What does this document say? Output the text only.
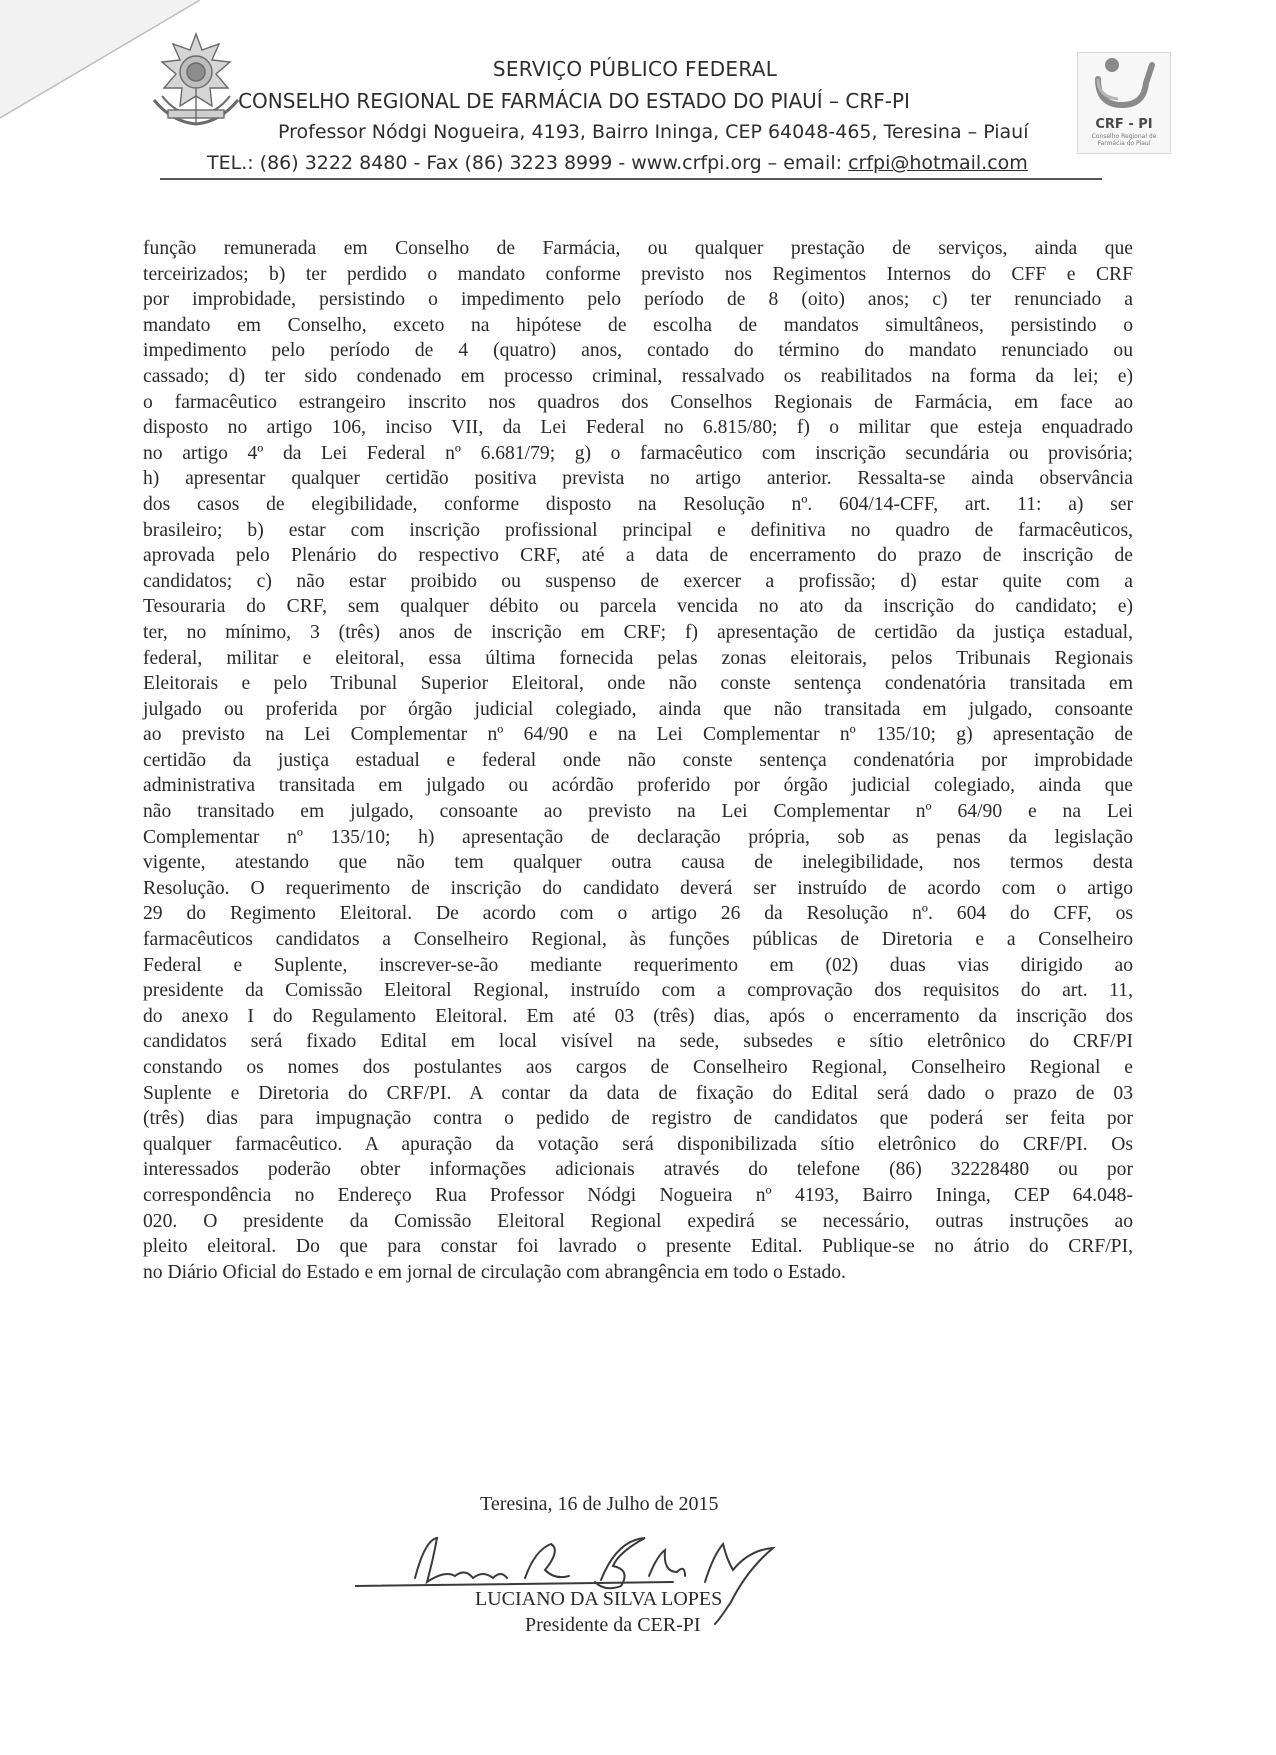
SERVIÇO PÚBLICO FEDERAL
CONSELHO REGIONAL DE FARMÁCIA DO ESTADO DO PIAUÍ – CRF-PI
Professor Nódgi Nogueira, 4193, Bairro Ininga, CEP 64048-465, Teresina – Piauí
TEL.: (86) 3222 8480 - Fax (86) 3223 8999 - www.crfpi.org – email: crfpi@hotmail.com
CRF - PI
Conselho Regional de Farmácia do Piauí
função remunerada em Conselho de Farmácia, ou qualquer prestação de serviços, ainda que
terceirizados; b) ter perdido o mandato conforme previsto nos Regimentos Internos do CFF e CRF
por improbidade, persistindo o impedimento pelo período de 8 (oito) anos; c) ter renunciado a
mandato em Conselho, exceto na hipótese de escolha de mandatos simultâneos, persistindo o
impedimento pelo período de 4 (quatro) anos, contado do término do mandato renunciado ou
cassado; d) ter sido condenado em processo criminal, ressalvado os reabilitados na forma da lei; e)
o farmacêutico estrangeiro inscrito nos quadros dos Conselhos Regionais de Farmácia, em face ao
disposto no artigo 106, inciso VII, da Lei Federal no 6.815/80; f) o militar que esteja enquadrado
no artigo 4º da Lei Federal nº 6.681/79; g) o farmacêutico com inscrição secundária ou provisória;
h) apresentar qualquer certidão positiva prevista no artigo anterior. Ressalta-se ainda observância
dos casos de elegibilidade, conforme disposto na Resolução nº. 604/14-CFF, art. 11: a) ser
brasileiro; b) estar com inscrição profissional principal e definitiva no quadro de farmacêuticos,
aprovada pelo Plenário do respectivo CRF, até a data de encerramento do prazo de inscrição de
candidatos; c) não estar proibido ou suspenso de exercer a profissão; d) estar quite com a
Tesouraria do CRF, sem qualquer débito ou parcela vencida no ato da inscrição do candidato; e)
ter, no mínimo, 3 (três) anos de inscrição em CRF; f) apresentação de certidão da justiça estadual,
federal, militar e eleitoral, essa última fornecida pelas zonas eleitorais, pelos Tribunais Regionais
Eleitorais e pelo Tribunal Superior Eleitoral, onde não conste sentença condenatória transitada em
julgado ou proferida por órgão judicial colegiado, ainda que não transitada em julgado, consoante
ao previsto na Lei Complementar nº 64/90 e na Lei Complementar nº 135/10; g) apresentação de
certidão da justiça estadual e federal onde não conste sentença condenatória por improbidade
administrativa transitada em julgado ou acórdão proferido por órgão judicial colegiado, ainda que
não transitado em julgado, consoante ao previsto na Lei Complementar nº 64/90 e na Lei
Complementar nº 135/10; h) apresentação de declaração própria, sob as penas da legislação
vigente, atestando que não tem qualquer outra causa de inelegibilidade, nos termos desta
Resolução. O requerimento de inscrição do candidato deverá ser instruído de acordo com o artigo
29 do Regimento Eleitoral. De acordo com o artigo 26 da Resolução nº. 604 do CFF, os
farmacêuticos candidatos a Conselheiro Regional, às funções públicas de Diretoria e a Conselheiro
Federal e Suplente, inscrever-se-ão mediante requerimento em (02) duas vias dirigido ao
presidente da Comissão Eleitoral Regional, instruído com a comprovação dos requisitos do art. 11,
do anexo I do Regulamento Eleitoral. Em até 03 (três) dias, após o encerramento da inscrição dos
candidatos será fixado Edital em local visível na sede, subsedes e sítio eletrônico do CRF/PI
constando os nomes dos postulantes aos cargos de Conselheiro Regional, Conselheiro Regional e
Suplente e Diretoria do CRF/PI. A contar da data de fixação do Edital será dado o prazo de 03
(três) dias para impugnação contra o pedido de registro de candidatos que poderá ser feita por
qualquer farmacêutico. A apuração da votação será disponibilizada sítio eletrônico do CRF/PI. Os
interessados poderão obter informações adicionais através do telefone (86) 32228480 ou por
correspondência no Endereço Rua Professor Nódgi Nogueira nº 4193, Bairro Ininga, CEP 64.048-
020. O presidente da Comissão Eleitoral Regional expedirá se necessário, outras instruções ao
pleito eleitoral. Do que para constar foi lavrado o presente Edital. Publique-se no átrio do CRF/PI,
no Diário Oficial do Estado e em jornal de circulação com abrangência em todo o Estado.
Teresina, 16 de Julho de 2015
LUCIANO DA SILVA LOPES
Presidente da CER-PI
